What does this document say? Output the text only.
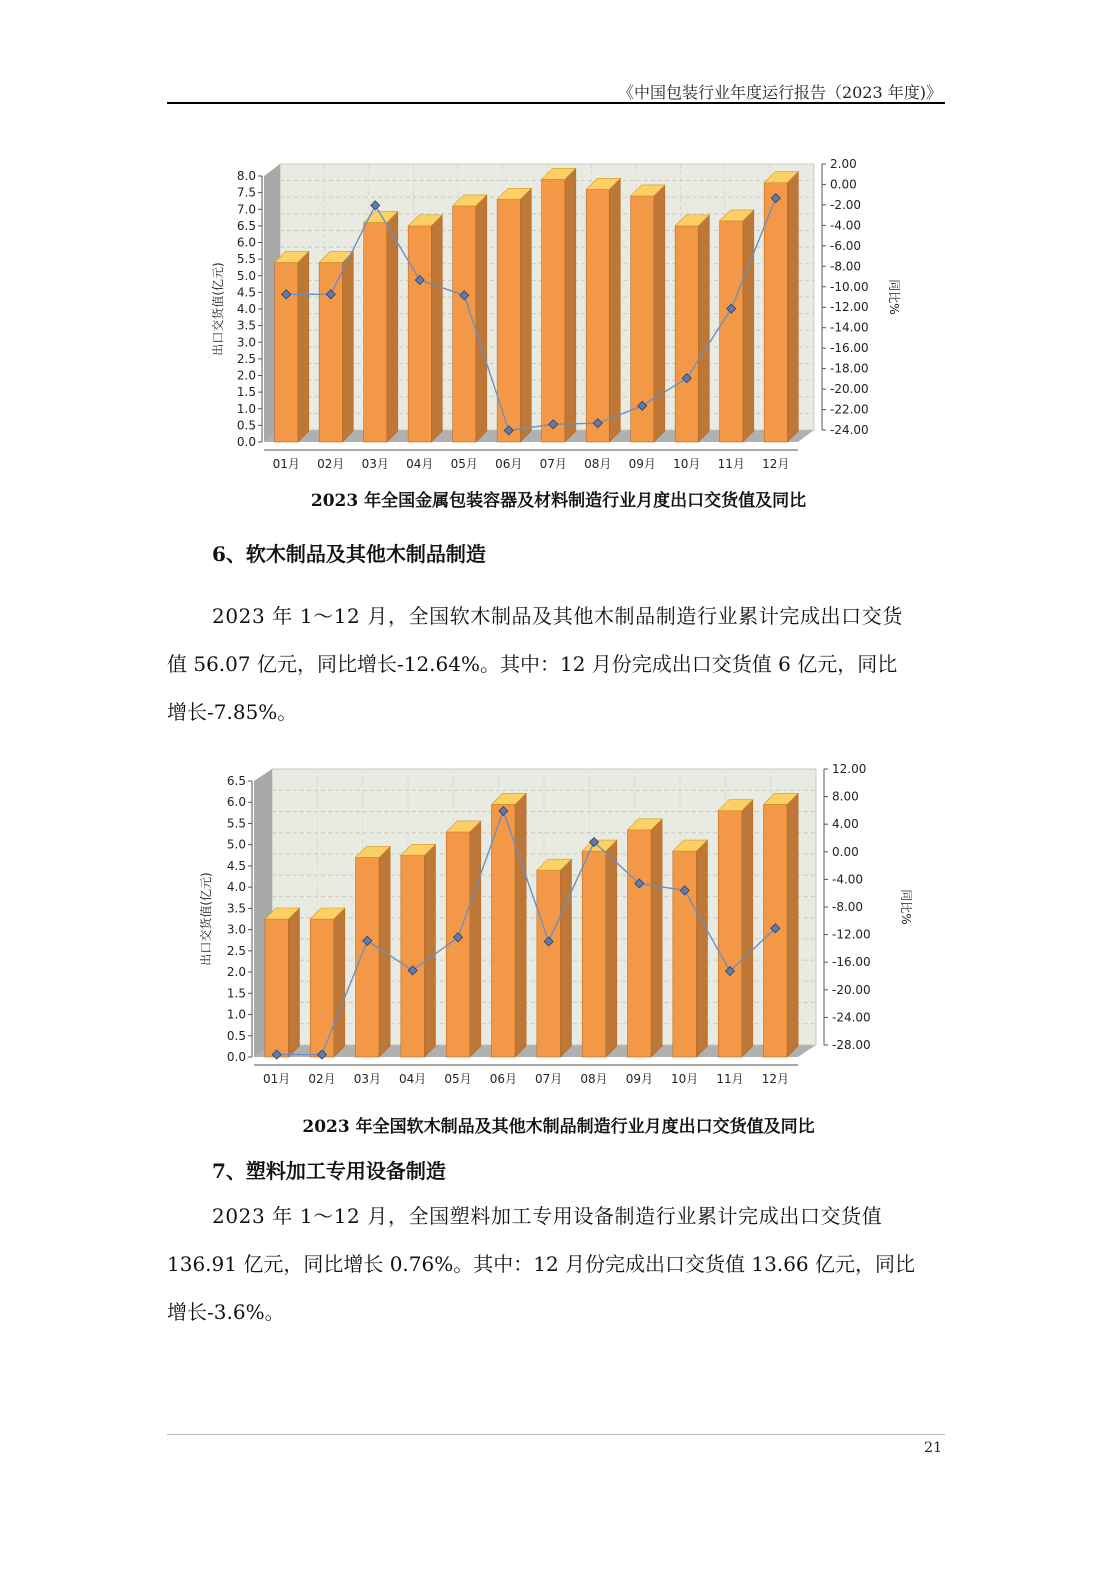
《中国包装行业年度运行报告（2023 年度)》
0.0
0.5
1.0
1.5
2.0
2.5
3.0
3.5
4.0
4.5
5.0
5.5
6.0
6.5
7.0
7.5
8.0
-24.00
-22.00
-20.00
-18.00
-16.00
-14.00
-12.00
-10.00
-8.00
-6.00
-4.00
-2.00
0.00
2.00
出口交货值(亿元)	同比%
01月 02月 03月 04月 05月 06月 07月 08月 09月 10月 11月 12月
2023 年全国金属包装容器及材料制造行业月度出口交货值及同比
6、软木制品及其他木制品制造

2023 年 1～12 月，全国软木制品及其他木制品制造行业累计完成出口交货
值 56.07 亿元，同比增长-12.64%。其中：12 月份完成出口交货值 6 亿元，同比
增长-7.85%。

0.0
0.5
1.0
1.5
2.0
2.5
3.0
3.5
4.0
4.5
5.0
5.5
6.0
6.5
-28.00
-24.00
-20.00
-16.00
-12.00
-8.00
-4.00
0.00
4.00
8.00
12.00
出口交货值(亿元)	同比%
01月 02月 03月 04月 05月 06月 07月 08月 09月 10月 11月 12月
2023 年全国软木制品及其他木制品制造行业月度出口交货值及同比
7、塑料加工专用设备制造

2023 年 1～12 月，全国塑料加工专用设备制造行业累计完成出口交货值
136.91 亿元，同比增长 0.76%。其中：12 月份完成出口交货值 13.66 亿元，同比
增长-3.6%。

21
